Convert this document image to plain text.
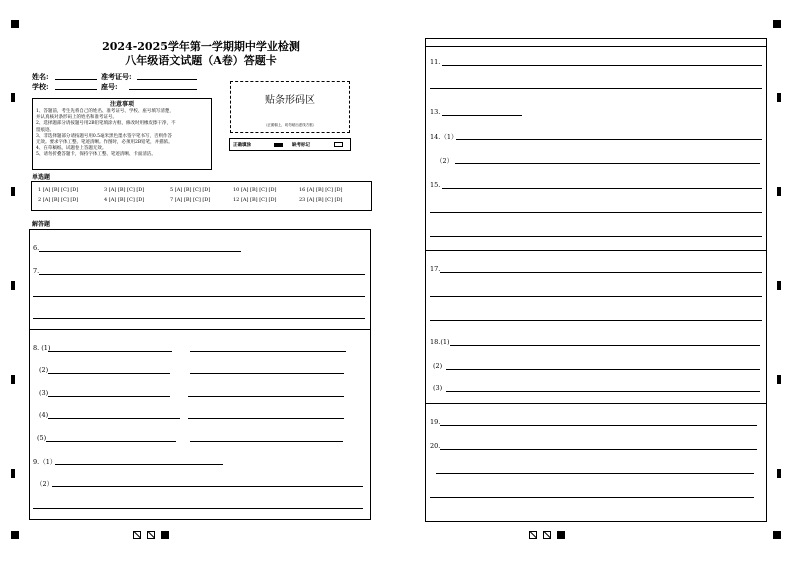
2024-2025学年第一学期期中学业检测
八年级语文试题（A卷）答题卡
姓名:	准考证号:
学校:	座号:
注意事项
1、答题前，考生先将自己的姓名、准考证号、学校、座号填写清楚，
并认真核对条形码上的姓名和准考证号。
2、选择题部分请按题号用2B铅笔填涂方框，修改时用橡皮擦干净，不
留痕迹。
3、非选择题部分请按题号用0.5毫米黑色墨水签字笔书写，否则作答
无效。要求字体工整、笔迹清晰。作图时，必须用2B铅笔，并描浓。
4、在草稿纸、试题卷上答题无效。
5、请勿折叠答题卡，保持字体工整、笔迹清晰、卡面清洁。
贴条形码区
（正面朝上，切勿贴出虚线方框）
正确填涂	缺考标记
单选题
1 [A] [B] [C] [D]	3 [A] [B] [C] [D]	5 [A] [B] [C] [D]	10 [A] [B] [C] [D]	16 [A] [B] [C] [D]
2 [A] [B] [C] [D]	4 [A] [B] [C] [D]	7 [A] [B] [C] [D]	12 [A] [B] [C] [D]	23 [A] [B] [C] [D]
解答题
6.
7.
8. (1)
(2)
(3)
(4)
(5)
9.（1）
（2）
11.
13.
14.（1）
（2）
15.
17.
18.(1)
(2)
(3)
19.
20.
